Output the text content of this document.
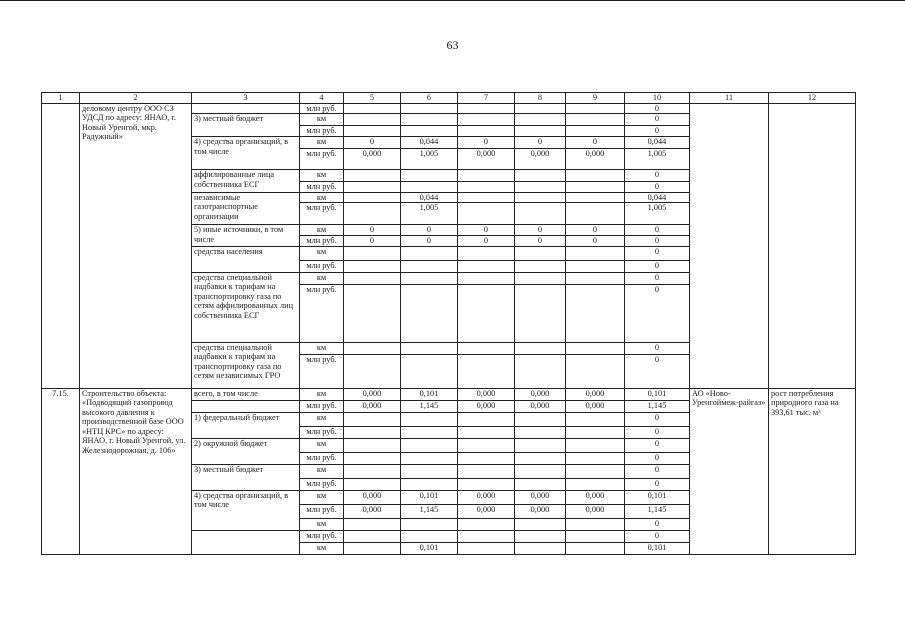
63
1	2	3	4	5	6	7	8	9	10	11	12
	деловому центру ООО СЗ УДСД по адресу: ЯНАО, г. Новый Уренгой, мкр. Радужный»		млн руб.						0		
		3) местный бюджет	км						0		
			млн руб.						0		
		4) средства организаций, в том числе	км	0	0,044	0	0	0	0,044		
			млн руб.	0,000	1,005	0,000	0,000	0,000	1,005		
		аффилированные лица собственника ЕСГ	км						0		
			млн руб.						0		
		независимые газотранспортные организации	км		0,044				0,044		
			млн руб.		1,005				1,005		
		5) иные источники, в том числе	км	0	0	0	0	0	0		
			млн руб.	0	0	0	0	0	0		
		средства населения	км						0		
			млн руб.						0		
		средства специальной надбавки к тарифам на транспортировку газа по сетям аффилированных лиц собственника ЕСГ	км						0		
			млн руб.						0		
		средства специальной надбавки к тарифам на транспортировку газа по сетям независимых ГРО	км						0		
			млн руб.						0		
7.15.	Строительство объекта: «Подводящий газопровод высокого давления к производственной базе ООО «НТЦ КРС» по адресу: ЯНАО, г. Новый Уренгой, ул. Железнодорожная, д. 106»	всего, в том числе	км	0,000	0,101	0,000	0,000	0,000	0,101	АО «Ново-Уренгоймеж-райгаз»	рост потребления природного газа на 393,61 тыс. м³
			млн руб.	0,000	1,145	0,000	0,000	0,000	1,145		
		1) федеральный бюджет	км						0		
			млн руб.						0		
		2) окружной бюджет	км						0		
			млн руб.						0		
		3) местный бюджет	км						0		
			млн руб.						0		
		4) средства организаций, в том числе	км	0,000	0,101	0,000	0,000	0,000	0,101		
			млн руб.	0,000	1,145	0,000	0,000	0,000	1,145		
			км						0		
			млн руб.						0		
			км		0,101				0,101		
